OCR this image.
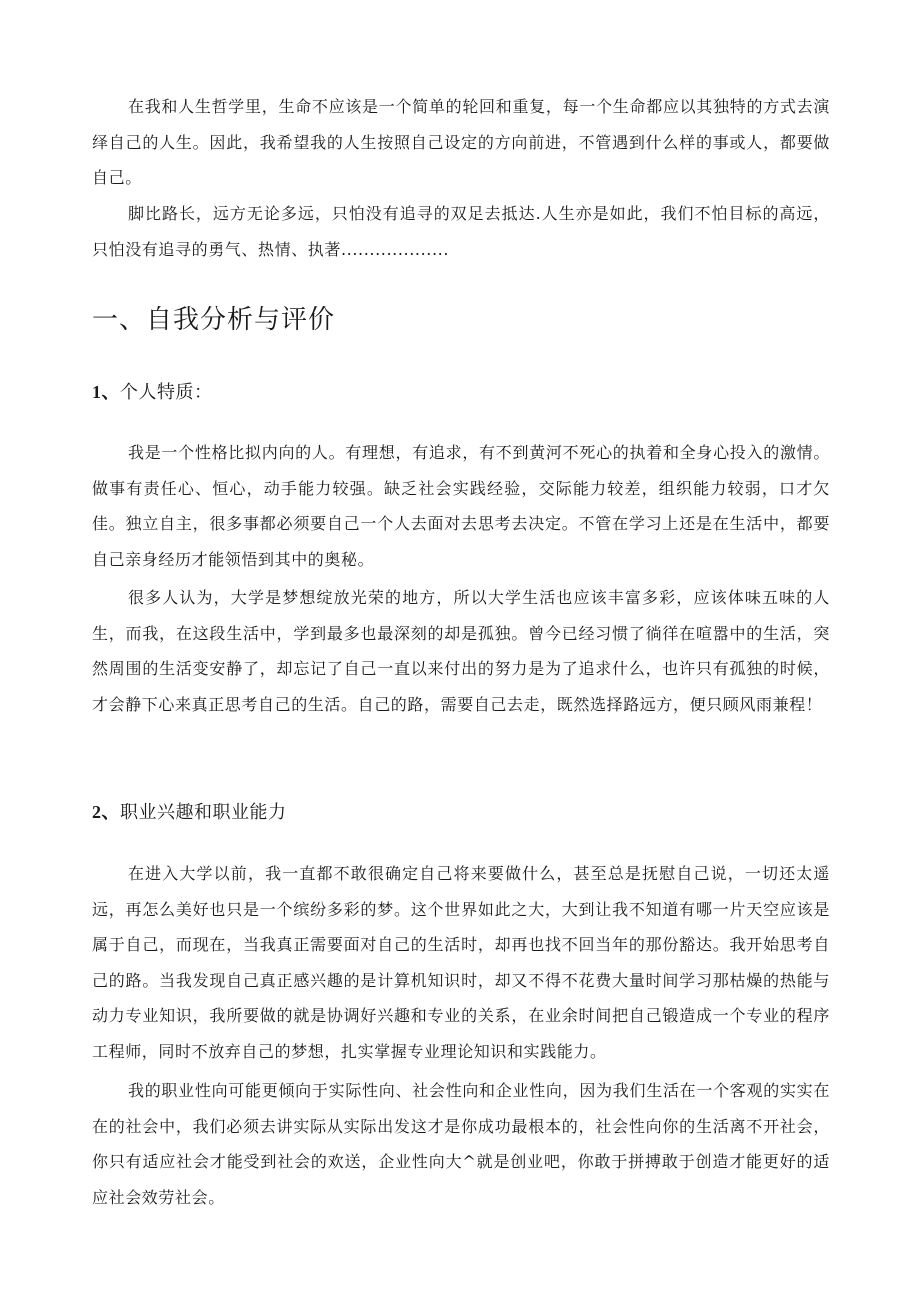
在我和人生哲学里，生命不应该是一个简单的轮回和重复，每一个生命都应以其独特的方式去演绎自己的人生。因此，我希望我的人生按照自己设定的方向前进，不管遇到什么样的事或人，都要做自己。

脚比路长，远方无论多远，只怕没有追寻的双足去抵达.人生亦是如此，我们不怕目标的高远，只怕没有追寻的勇气、热情、执著...................

一、自我分析与评价
1、个人特质：

我是一个性格比拟内向的人。有理想，有追求，有不到黄河不死心的执着和全身心投入的激情。做事有责任心、恒心，动手能力较强。缺乏社会实践经验，交际能力较差，组织能力较弱，口才欠佳。独立自主，很多事都必须要自己一个人去面对去思考去决定。不管在学习上还是在生活中，都要自己亲身经历才能领悟到其中的奥秘。

很多人认为，大学是梦想绽放光荣的地方，所以大学生活也应该丰富多彩，应该体味五味的人生，而我，在这段生活中，学到最多也最深刻的却是孤独。曾今已经习惯了徜徉在喧嚣中的生活，突然周围的生活变安静了，却忘记了自己一直以来付出的努力是为了追求什么，也许只有孤独的时候，才会静下心来真正思考自己的生活。自己的路，需要自己去走，既然选择路远方，便只顾风雨兼程！

2、职业兴趣和职业能力

在进入大学以前，我一直都不敢很确定自己将来要做什么，甚至总是抚慰自己说，一切还太遥远，再怎么美好也只是一个缤纷多彩的梦。这个世界如此之大，大到让我不知道有哪一片天空应该是属于自己，而现在，当我真正需要面对自己的生活时，却再也找不回当年的那份豁达。我开始思考自己的路。当我发现自己真正感兴趣的是计算机知识时，却又不得不花费大量时间学习那枯燥的热能与动力专业知识，我所要做的就是协调好兴趣和专业的关系，在业余时间把自己锻造成一个专业的程序工程师，同时不放弃自己的梦想，扎实掌握专业理论知识和实践能力。

我的职业性向可能更倾向于实际性向、社会性向和企业性向，因为我们生活在一个客观的实实在在的社会中，我们必须去讲实际从实际出发这才是你成功最根本的，社会性向你的生活离不开社会，你只有适应社会才能受到社会的欢送，企业性向大^就是创业吧，你敢于拼搏敢于创造才能更好的适应社会效劳社会。
